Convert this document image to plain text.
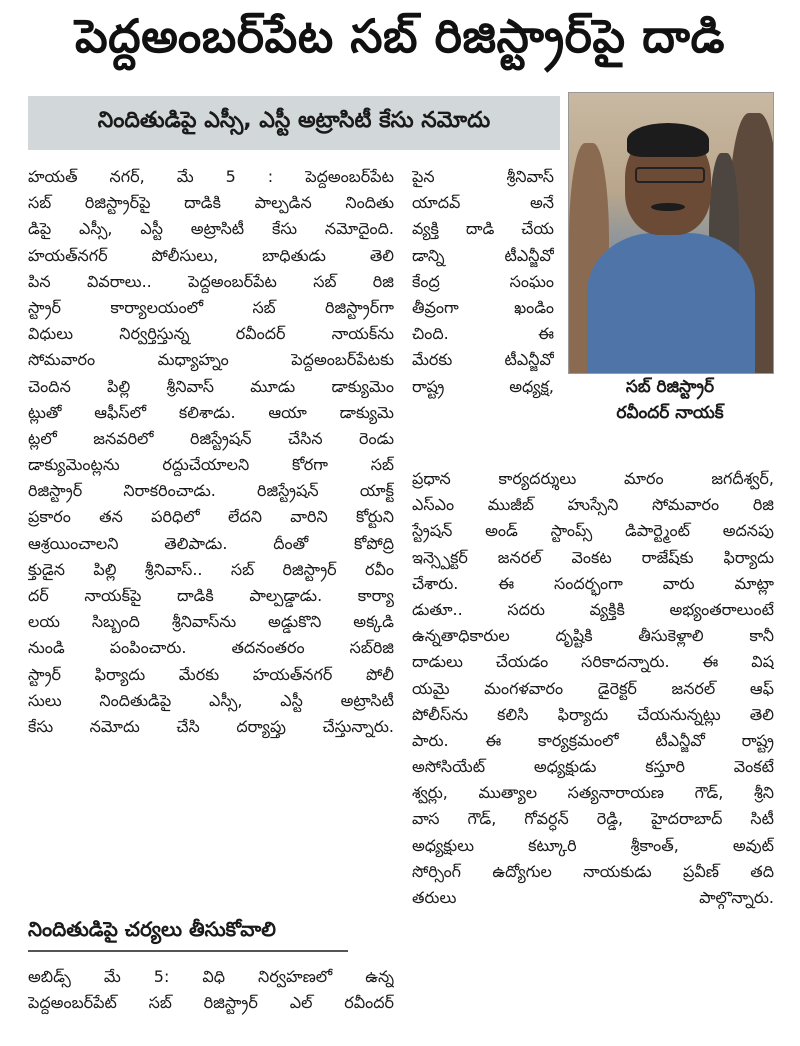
పెద్దఅంబర్‌పేట సబ్ రిజిస్ట్రార్‌పై దాడి
నిందితుడిపై ఎస్సీ, ఎస్టీ అట్రాసిటీ కేసు నమోదు
సబ్ రిజిస్ట్రార్
రవీందర్ నాయక్
హయత్ నగర్, మే 5 : పెద్దఅంబర్‌పేట
సబ్ రిజిస్ట్రార్‌పై దాడికి పాల్పడిన నిందితు
డిపై ఎస్సీ, ఎస్టీ అట్రాసిటీ కేసు నమోదైంది.
హయత్‌నగర్ పోలీసులు, బాధితుడు తెలి
పిన వివరాలు.. పెద్దఅంబర్‌పేట సబ్ రిజి
స్ట్రార్ కార్యాలయంలో సబ్ రిజిస్ట్రార్‌గా
విధులు నిర్వర్తిస్తున్న రవీందర్ నాయక్‌ను
సోమవారం మధ్యాహ్నం పెద్దఅంబర్‌పేటకు
చెందిన పిల్లి శ్రీనివాస్ మూడు డాక్యుమెం
ట్లుతో ఆఫీస్‌లో కలిశాడు. ఆయా డాక్యుమె
ట్లలో జనవరిలో రిజిస్ట్రేషన్ చేసిన రెండు
డాక్యుమెంట్లను రద్దుచేయాలని కోరగా సబ్
రిజిస్ట్రార్ నిరాకరించాడు. రిజిస్ట్రేషన్ యాక్ట్
ప్రకారం తన పరిధిలో లేదని వారిని కోర్టుని
ఆశ్రయించాలని తెలిపాడు. దీంతో కోపోద్రి
క్తుడైన పిల్లి శ్రీనివాస్.. సబ్ రిజిస్ట్రార్ రవీం
దర్ నాయక్‌పై దాడికి పాల్పడ్డాడు. కార్యా
లయ సిబ్బంది శ్రీనివాస్‌ను అడ్డుకొని అక్కడి
నుండి పంపించారు. తదనంతరం సబ్‌రిజి
స్ట్రార్ ఫిర్యాదు మేరకు హయత్‌నగర్ పోలీ
సులు నిందితుడిపై ఎస్సీ, ఎస్టీ అట్రాసిటీ
కేసు నమోదు చేసి దర్యాప్తు చేస్తున్నారు.
పైన శ్రీనివాస్
యాదవ్ అనే
వ్యక్తి దాడి చేయ
డాన్ని టీఎన్జీవో
కేంద్ర సంఘం
తీవ్రంగా ఖండిం
చింది. ఈ
మేరకు టీఎన్జీవో
రాష్ట్ర అధ్యక్ష,
ప్రధాన కార్యదర్శులు మారం జగదీశ్వర్,
ఎస్ఎం ముజీబ్ హుస్సేని సోమవారం రిజి
స్ట్రేషన్ అండ్ స్టాంప్స్ డిపార్ట్మెంట్ అదనపు
ఇన్స్పెక్టర్ జనరల్ వెంకట రాజేష్‌కు ఫిర్యాదు
చేశారు. ఈ సందర్భంగా వారు మాట్లా
డుతూ.. సదరు వ్యక్తికి అభ్యంతరాలుంటే
ఉన్నతాధికారుల దృష్టికి తీసుకెళ్లాలి కానీ
దాడులు చేయడం సరికాదన్నారు. ఈ విష
యమై మంగళవారం డైరెక్టర్ జనరల్ ఆఫ్
పోలీస్‌ను కలిసి ఫిర్యాదు చేయనున్నట్లు తెలి
పారు. ఈ కార్యక్రమంలో టీఎన్జీవో రాష్ట్ర
అసోసియేట్ అధ్యక్షుడు కస్తూరి వెంకటే
శ్వర్లు, ముత్యాల సత్యనారాయణ గౌడ్, శ్రీని
వాస గౌడ్, గోవర్ధన్ రెడ్డి, హైదరాబాద్ సిటీ
అధ్యక్షులు కట్కూరి శ్రీకాంత్, అవుట్
సోర్సింగ్ ఉద్యోగుల నాయకుడు ప్రవీణ్ తది
తరులు పాల్గొన్నారు.
నిందితుడిపై చర్యలు తీసుకోవాలి
అబిడ్స్ మే 5: విధి నిర్వహణలో ఉన్న
పెద్దఅంబర్‌పేట్ సబ్ రిజిస్ట్రార్ ఎల్ రవీందర్
